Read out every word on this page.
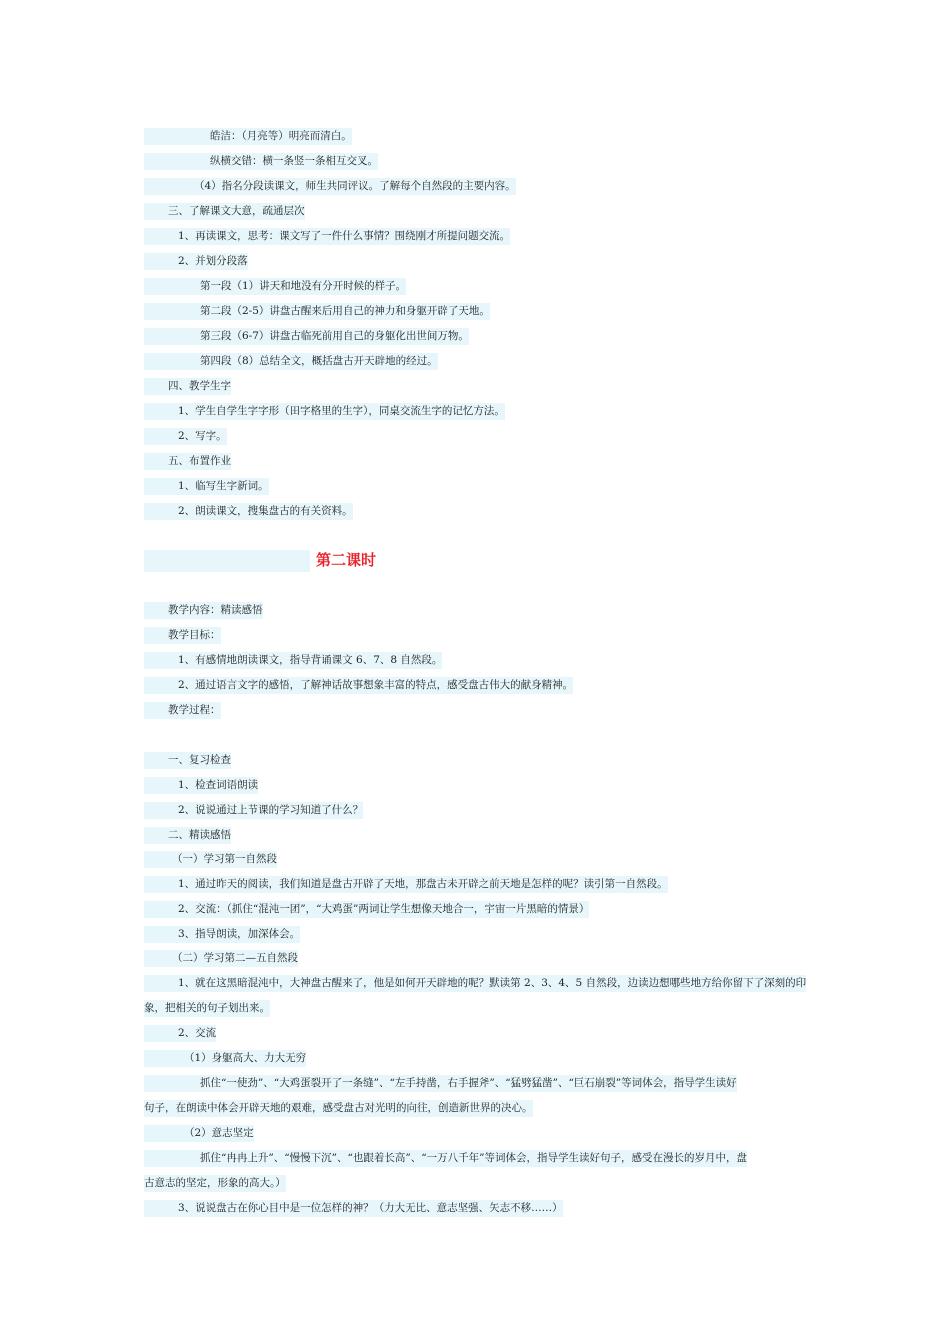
皓洁：（月亮等）明亮而清白。
纵横交错：横一条竖一条相互交叉。
（4）指名分段读课文，师生共同评议。了解每个自然段的主要内容。
三、了解课文大意，疏通层次
1、再读课文，思考：课文写了一件什么事情？围绕刚才所提问题交流。
2、并划分段落
第一段（1）讲天和地没有分开时候的样子。
第二段（2-5）讲盘古醒来后用自己的神力和身躯开辟了天地。
第三段（6-7）讲盘古临死前用自己的身躯化出世间万物。
第四段（8）总结全文，概括盘古开天辟地的经过。
四、教学生字
1、学生自学生字字形（田字格里的生字），同桌交流生字的记忆方法。
2、写字。
五、布置作业
1、临写生字新词。
2、朗读课文，搜集盘古的有关资料。
第二课时
教学内容：精读感悟
教学目标：
1、有感情地朗读课文，指导背诵课文 6、7、8 自然段。
2、通过语言文字的感悟，了解神话故事想象丰富的特点，感受盘古伟大的献身精神。
教学过程：
一、复习检查
1、检查词语朗读
2、说说通过上节课的学习知道了什么？
二、精读感悟
（一）学习第一自然段
1、通过昨天的阅读，我们知道是盘古开辟了天地，那盘古未开辟之前天地是怎样的呢？读引第一自然段。
2、交流：（抓住“混沌一团”，“大鸡蛋”两词让学生想像天地合一，宇宙一片黑暗的情景）
3、指导朗读，加深体会。
（二）学习第二—五自然段
1、就在这黑暗混沌中，大神盘古醒来了，他是如何开天辟地的呢？默读第 2、3、4、5 自然段，边读边想哪些地方给你留下了深刻的印
象，把相关的句子划出来。
2、交流
（1）身躯高大、力大无穷
抓住“一使劲”、“大鸡蛋裂开了一条缝”、“左手持凿，右手握斧”、“猛劈猛凿”、“巨石崩裂”等词体会，指导学生读好
句子，在朗读中体会开辟天地的艰难，感受盘古对光明的向往，创造新世界的决心。
（2）意志坚定
抓住“冉冉上升”、“慢慢下沉”、“也跟着长高”、“一万八千年”等词体会，指导学生读好句子，感受在漫长的岁月中，盘
古意志的坚定，形象的高大。）
3、说说盘古在你心目中是一位怎样的神？（力大无比、意志坚强、矢志不移……）
